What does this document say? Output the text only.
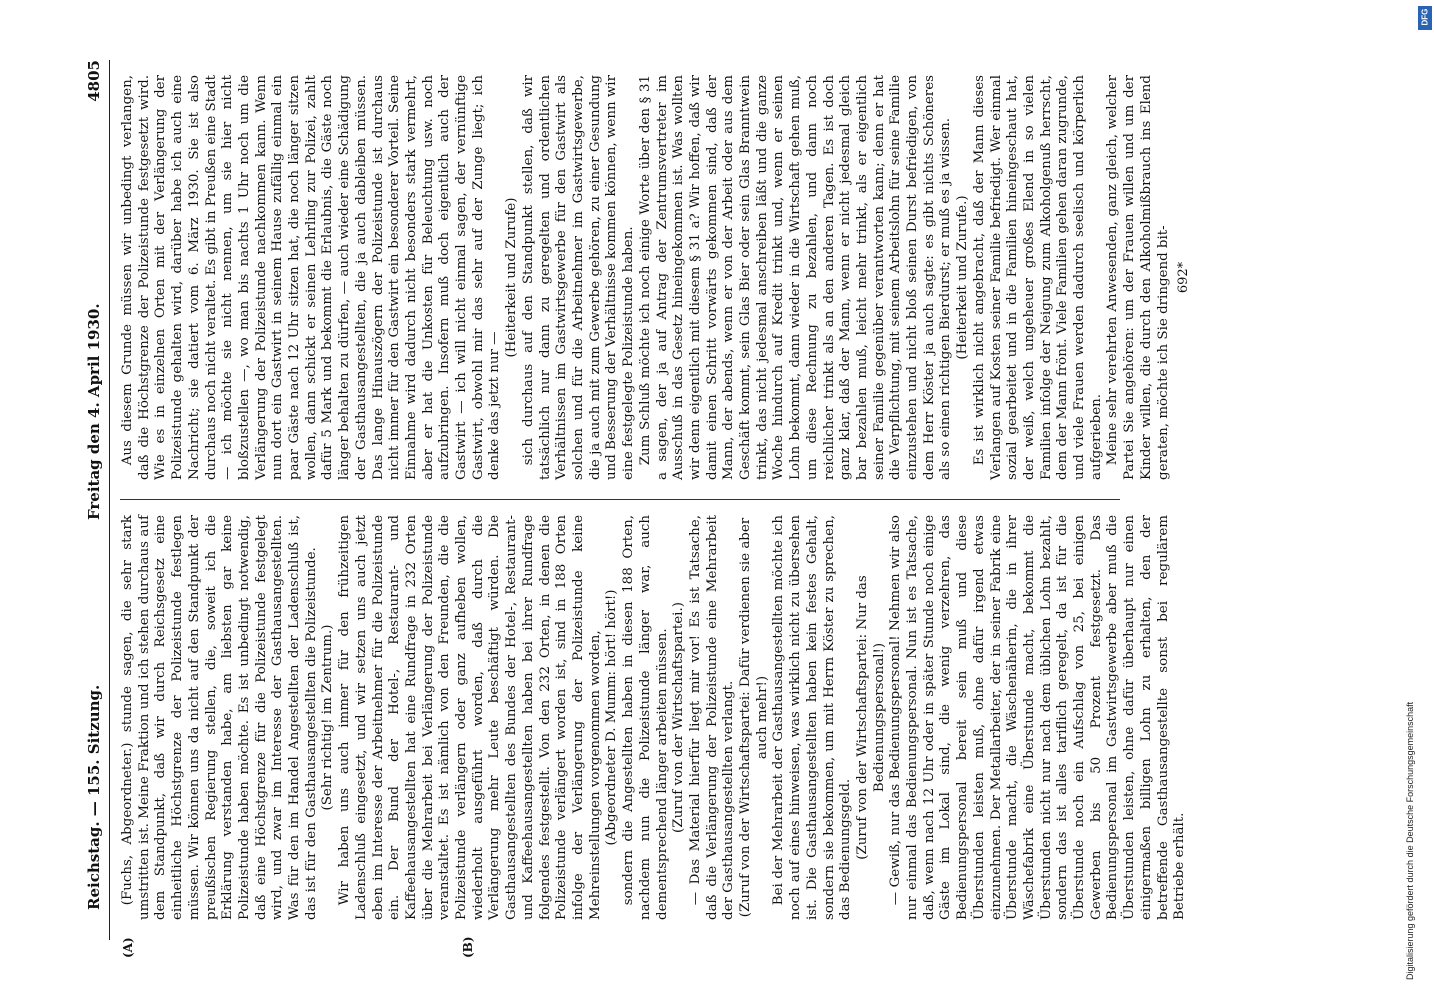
Reichstag. — 155. Sitzung.
Freitag den 4. April 1930.
4805
(A)	(B)

(Fuchs, Abgeordneter.) stunde sagen, die sehr stark umstritten ist. Meine Fraktion und ich stehen durchaus auf dem Standpunkt, daß wir durch Reichsgesetz eine einheitliche Höchstgrenze der Polizeistunde festlegen müssen. Wir können uns da nicht auf den Standpunkt der preußischen Regierung stellen, die, soweit ich die Erklärung verstanden habe, am liebsten gar keine Polizeistunde haben möchte. Es ist unbedingt notwendig, daß eine Höchstgrenze für die Polizeistunde festgelegt wird, und zwar im Interesse der Gasthausangestellten. Was für den im Handel Angestellten der Ladenschluß ist, das ist für den Gasthausangestellten die Polizeistunde. (Sehr richtig! im Zentrum.) Wir haben uns auch immer für den frühzeitigen Ladenschluß eingesetzt, und wir setzen uns auch jetzt eben im Interesse der Arbeitnehmer für die Polizeistunde ein. Der Bund der Hotel-, Restaurant- und Kaffeehausangestellten hat eine Rundfrage in 232 Orten über die Mehrarbeit bei Verlängerung der Polizeistunde veranstaltet. Es ist nämlich von den Freunden, die die Polizeistunde verlängern oder ganz aufheben wollen, wiederholt ausgeführt worden, daß durch die Verlängerung mehr Leute beschäftigt würden. Die Gasthausangestellten des Bundes der Hotel-, Restaurant- und Kaffeehausangestellten haben bei ihrer Rundfrage folgendes festgestellt. Von den 232 Orten, in denen die Polizeistunde verlängert worden ist, sind in 188 Orten infolge der Verlängerung der Polizeistunde keine Mehreinstellungen vorgenommen worden, (Abgeordneter D. Mumm: hört! hört!) sondern die Angestellten haben in diesen 188 Orten, nachdem nun die Polizeistunde länger war, auch dementsprechend länger arbeiten müssen. (Zuruf von der Wirtschaftspartei.) — Das Material hierfür liegt mir vor! Es ist Tatsache, daß die Verlängerung der Polizeistunde eine Mehrarbeit der Gasthausangestellten verlangt. (Zuruf von der Wirtschaftspartei: Dafür verdienen sie aber auch mehr!) Bei der Mehrarbeit der Gasthausangestellten möchte ich noch auf eines hinweisen, was wirklich nicht zu übersehen ist. Die Gasthausangestellten haben kein festes Gehalt, sondern sie bekommen, um mit Herrn Köster zu sprechen, das Bedienungsgeld. (Zuruf von der Wirtschaftspartei: Nur das Bedienungspersonal!) — Gewiß, nur das Bedienungspersonal! Nehmen wir also nur einmal das Bedienungspersonal. Nun ist es Tatsache, daß, wenn nach 12 Uhr oder in später Stunde noch einige Gäste im Lokal sind, die wenig verzehren, das Bedienungspersonal bereit sein muß und diese Überstunden leisten muß, ohne dafür irgend etwas einzunehmen. Der Metallarbeiter, der in seiner Fabrik eine Überstunde macht, die Wäschenäherin, die in ihrer Wäschefabrik eine Überstunde macht, bekommt die Überstunden nicht nur nach dem üblichen Lohn bezahlt, sondern das ist alles tariflich geregelt, da ist für die Überstunde noch ein Aufschlag von 25, bei einigen Gewerben bis 50 Prozent festgesetzt. Das Bedienungspersonal im Gastwirtsgewerbe aber muß die Überstunden leisten, ohne dafür überhaupt nur einen einigermaßen billigen Lohn zu erhalten, den der betreffende Gasthausangestellte sonst bei regulärem Betriebe erhält.

Aus diesem Grunde müssen wir unbedingt verlangen, daß die Höchstgrenze der Polizeistunde festgesetzt wird. Wie es in einzelnen Orten mit der Verlängerung der Polizeistunde gehalten wird, darüber habe ich auch eine Nachricht; sie datiert vom 6. März 1930. Sie ist also durchaus noch nicht veraltet. Es gibt in Preußen eine Stadt — ich möchte sie nicht nennen, um sie hier nicht bloßzustellen —, wo man bis nachts 1 Uhr noch um die Verlängerung der Polizeistunde nachkommen kann. Wenn nun dort ein Gastwirt in seinem Hause zufällig einmal ein paar Gäste nach 12 Uhr sitzen hat, die noch länger sitzen wollen, dann schickt er seinen Lehrling zur Polizei, zahlt dafür 5 Mark und bekommt die Erlaubnis, die Gäste noch länger behalten zu dürfen, — auch wieder eine Schädigung der Gasthausangestellten, die ja auch dableiben müssen. Das lange Hinauszögern der Polizeistunde ist durchaus nicht immer für den Gastwirt ein besonderer Vorteil. Seine Einnahme wird dadurch nicht besonders stark vermehrt, aber er hat die Unkosten für Beleuchtung usw. noch aufzubringen. Insofern muß doch eigentlich auch der Gastwirt — ich will nicht einmal sagen, der vernünftige Gastwirt, obwohl mir das sehr auf der Zunge liegt; ich denke das jetzt nur —

(Heiterkeit und Zurufe) sich durchaus auf den Standpunkt stellen, daß wir tatsächlich nur dann zu geregelten und ordentlichen Verhältnissen im Gastwirtsgewerbe für den Gastwirt als solchen und für die Arbeitnehmer im Gastwirtsgewerbe, die ja auch mit zum Gewerbe gehören, zu einer Gesundung und Besserung der Verhältnisse kommen können, wenn wir eine festgelegte Polizeistunde haben. Zum Schluß möchte ich noch einige Worte über den § 31 a sagen, der ja auf Antrag der Zentrumsvertreter im Ausschuß in das Gesetz hineingekommen ist. Was wollten wir denn eigentlich mit diesem § 31 a? Wir hoffen, daß wir damit einen Schritt vorwärts gekommen sind, daß der Mann, der abends, wenn er von der Arbeit oder aus dem Geschäft kommt, sein Glas Bier oder sein Glas Branntwein trinkt, das nicht jedesmal anschreiben läßt und die ganze Woche hindurch auf Kredit trinkt und, wenn er seinen Lohn bekommt, dann wieder in die Wirtschaft gehen muß, um diese Rechnung zu bezahlen, und dann noch reichlicher trinkt als an den anderen Tagen. Es ist doch ganz klar, daß der Mann, wenn er nicht jedesmal gleich bar bezahlen muß, leicht mehr trinkt, als er eigentlich seiner Familie gegenüber verantworten kann; denn er hat die Verpflichtung, mit seinem Arbeitslohn für seine Familie einzustehen und nicht bloß seinen Durst befriedigen, von dem Herr Köster ja auch sagte: es gibt nichts Schöneres als so einen richtigen Bierdurst; er muß es ja wissen. (Heiterkeit und Zurufe.) Es ist wirklich nicht angebracht, daß der Mann dieses Verlangen auf Kosten seiner Familie befriedigt. Wer einmal sozial gearbeitet und in die Familien hineingeschaut hat, der weiß, welch ungeheuer großes Elend in so vielen Familien infolge der Neigung zum Alkoholgenuß herrscht, dem der Mann frönt. Viele Familien gehen daran zugrunde, und viele Frauen werden dadurch seelisch und körperlich aufgerieben. Meine sehr verehrten Anwesenden, ganz gleich, welcher Partei Sie angehören: um der Frauen willen und um der Kinder willen, die durch den Alkoholmißbrauch ins Elend geraten, möchte ich Sie dringend bit- 692*
Digitalisierung gefördert durch die Deutsche Forschungsgemeinschaft
DFG
